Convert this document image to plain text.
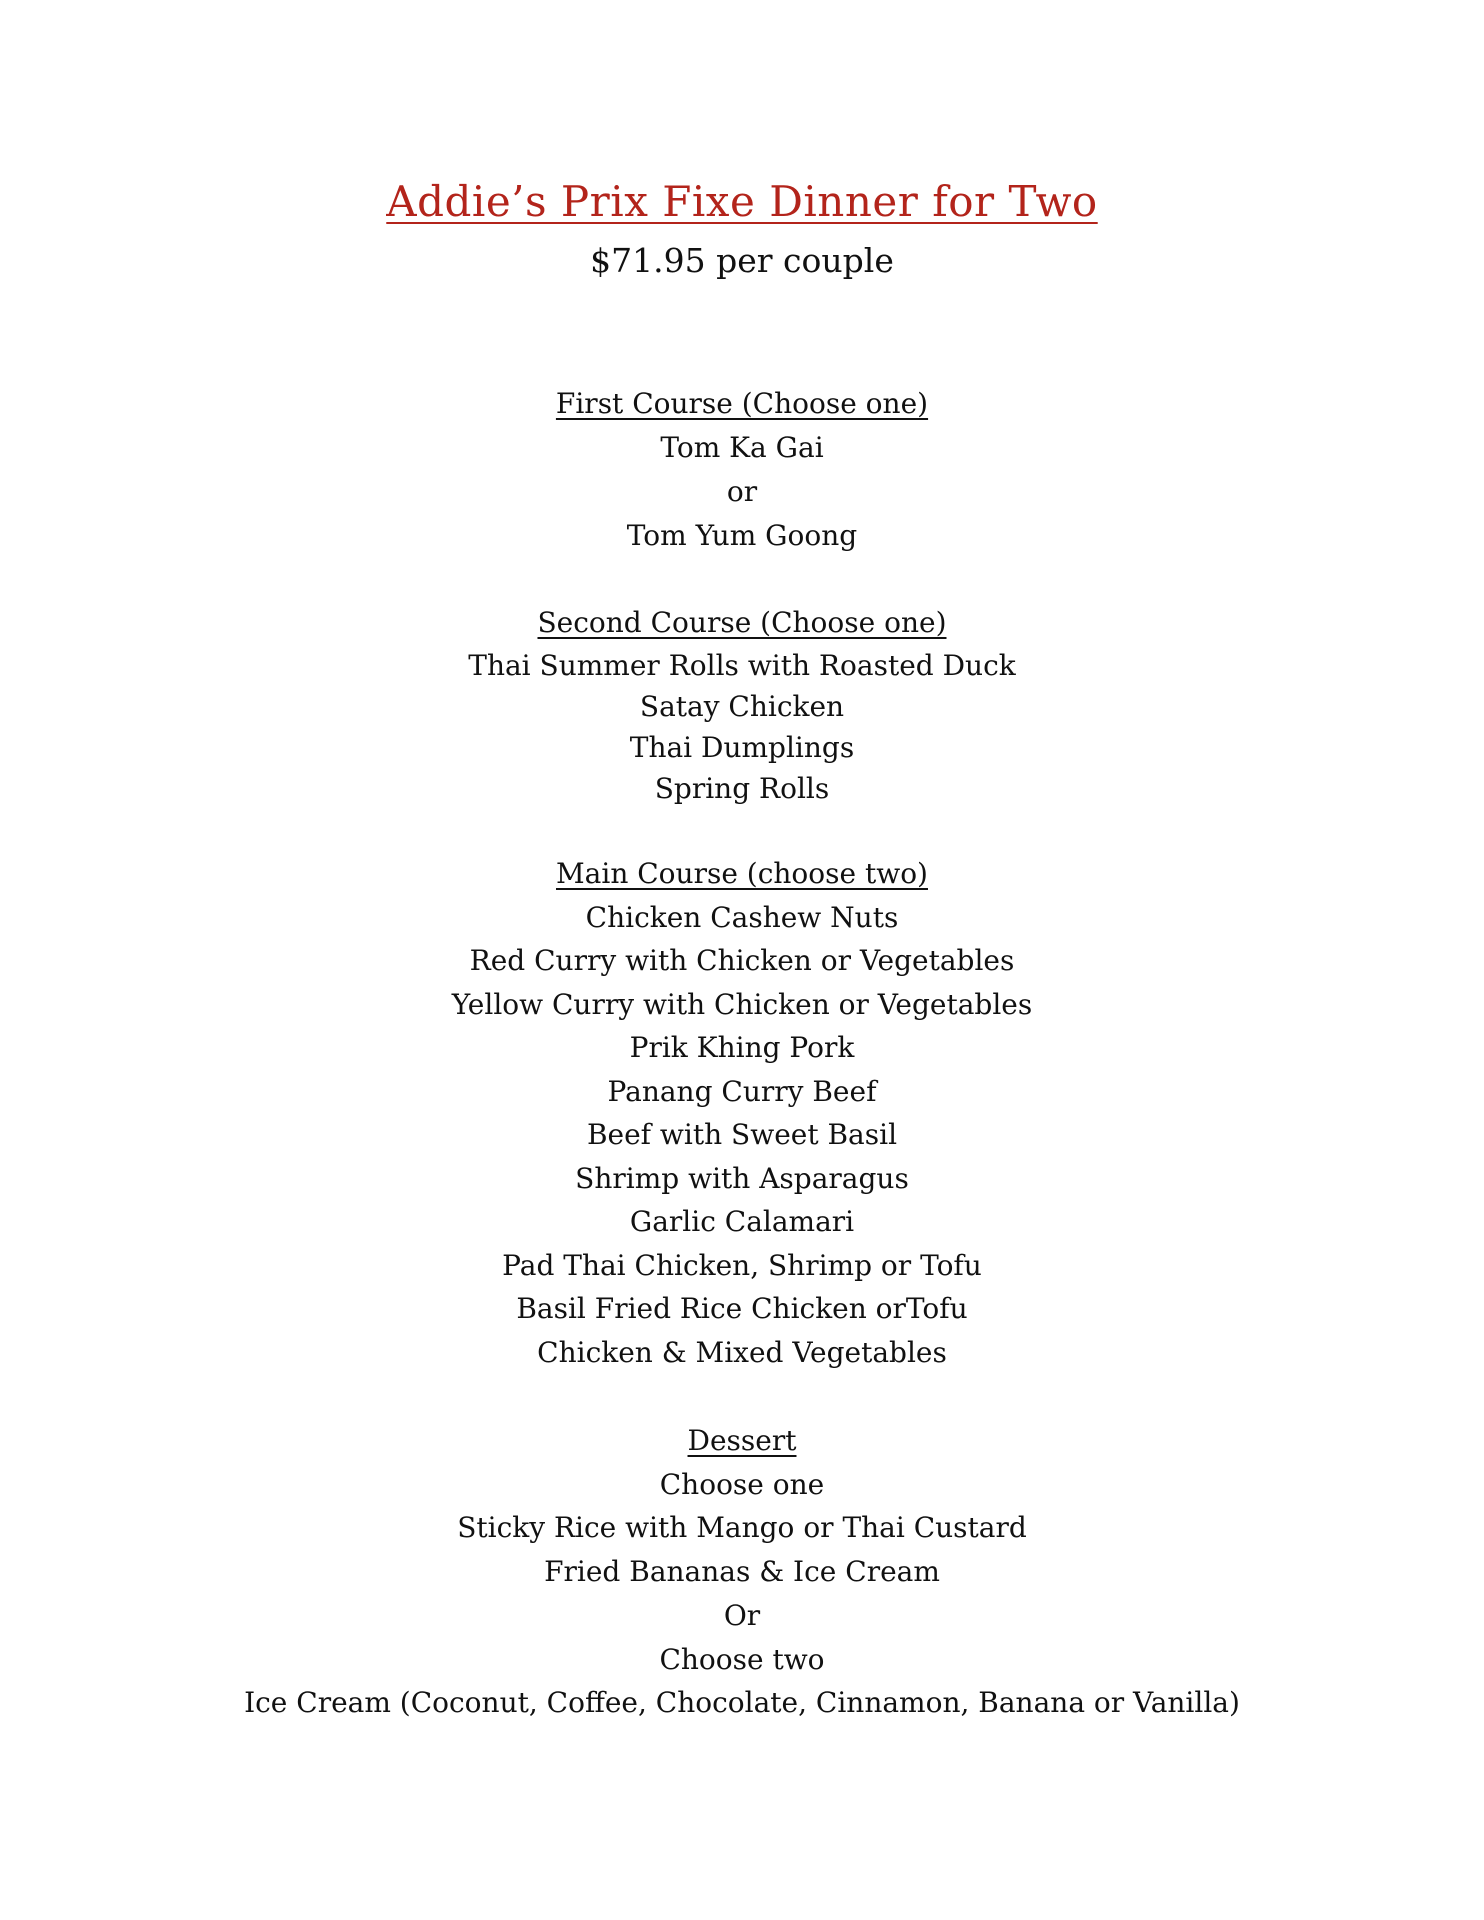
Addie’s Prix Fixe Dinner for Two
$71.95 per couple
First Course (Choose one)
Tom Ka Gai
or
Tom Yum Goong
Second Course (Choose one)
Thai Summer Rolls with Roasted Duck
Satay Chicken
Thai Dumplings
Spring Rolls
Main Course (choose two)
Chicken Cashew Nuts
Red Curry with Chicken or Vegetables
Yellow Curry with Chicken or Vegetables
Prik Khing Pork
Panang Curry Beef
Beef with Sweet Basil
Shrimp with Asparagus
Garlic Calamari
Pad Thai Chicken, Shrimp or Tofu
Basil Fried Rice Chicken orTofu
Chicken & Mixed Vegetables
Dessert
Choose one
Sticky Rice with Mango or Thai Custard
Fried Bananas & Ice Cream
Or
Choose two
Ice Cream (Coconut, Coffee, Chocolate, Cinnamon, Banana or Vanilla)
